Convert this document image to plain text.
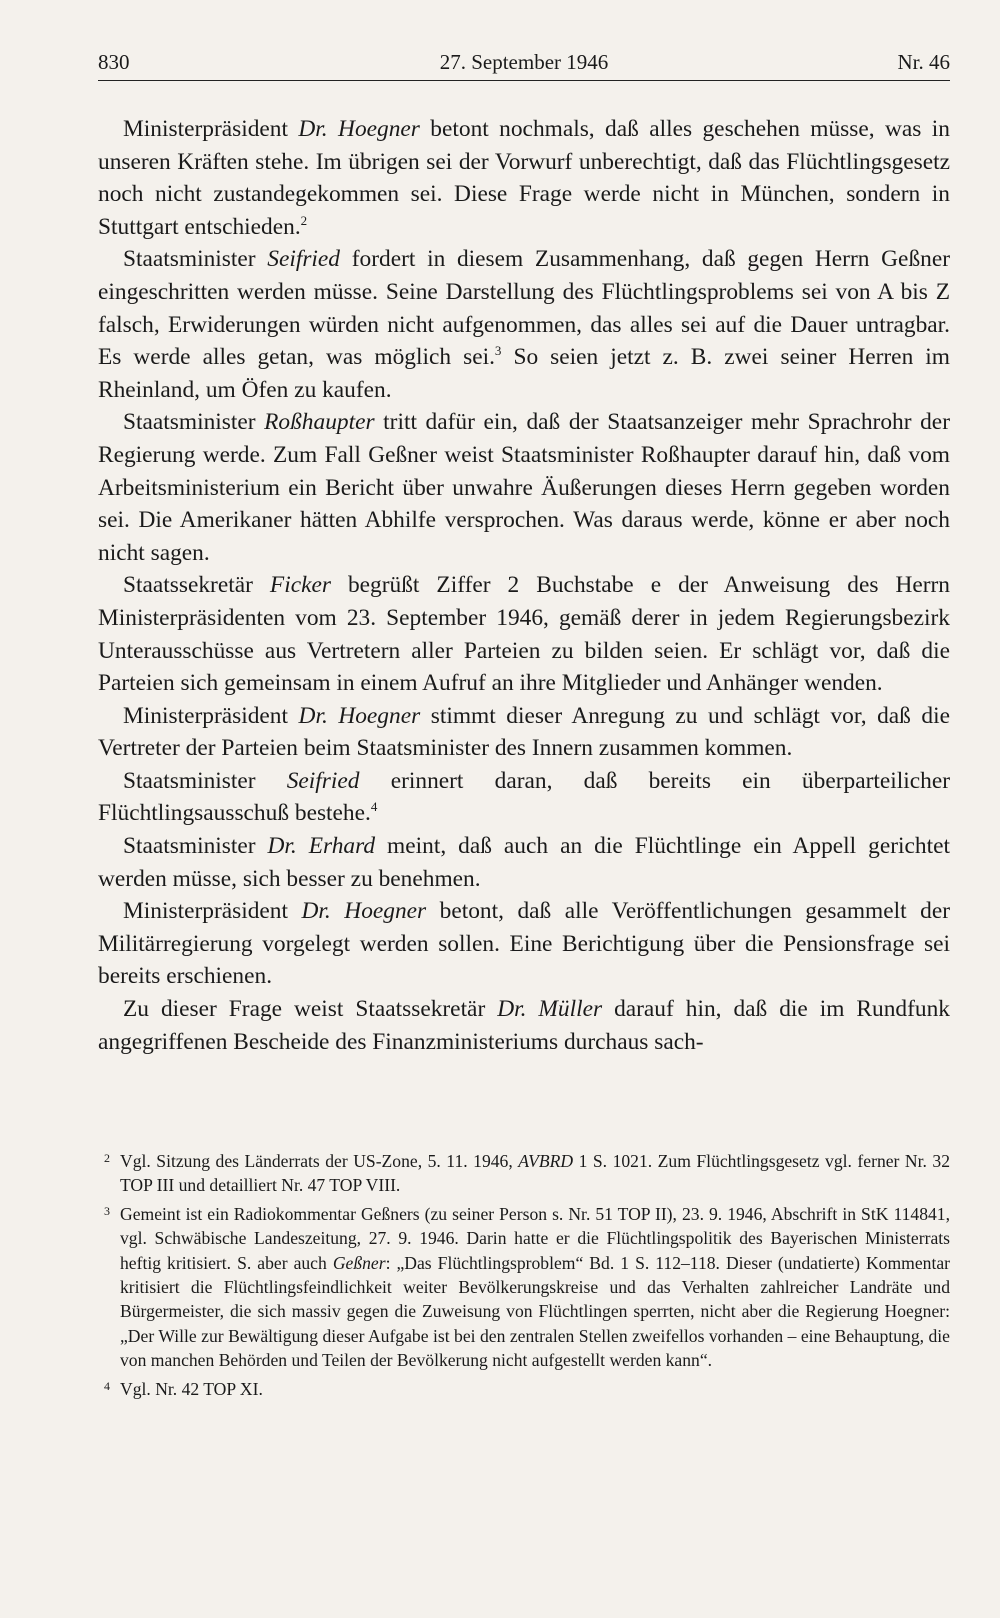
830	27. September 1946	Nr. 46

Ministerpräsident Dr. Hoegner betont nochmals, daß alles geschehen müsse, was in unseren Kräften stehe. Im übrigen sei der Vorwurf unberechtigt, daß das Flüchtlingsgesetz noch nicht zustandegekommen sei. Diese Frage werde nicht in München, sondern in Stuttgart entschieden.$^2$

Staatsminister Seifried fordert in diesem Zusammenhang, daß gegen Herrn Geßner eingeschritten werden müsse. Seine Darstellung des Flüchtlingsproblems sei von A bis Z falsch, Erwiderungen würden nicht aufgenommen, das alles sei auf die Dauer untragbar. Es werde alles getan, was möglich sei.$^3$ So seien jetzt z. B. zwei seiner Herren im Rheinland, um Öfen zu kaufen.

Staatsminister Roßhaupter tritt dafür ein, daß der Staatsanzeiger mehr Sprachrohr der Regierung werde. Zum Fall Geßner weist Staatsminister Roßhaupter darauf hin, daß vom Arbeitsministerium ein Bericht über unwahre Äußerungen dieses Herrn gegeben worden sei. Die Amerikaner hätten Abhilfe versprochen. Was daraus werde, könne er aber noch nicht sagen.

Staatssekretär Ficker begrüßt Ziffer 2 Buchstabe e der Anweisung des Herrn Ministerpräsidenten vom 23. September 1946, gemäß derer in jedem Regierungsbezirk Unterausschüsse aus Vertretern aller Parteien zu bilden seien. Er schlägt vor, daß die Parteien sich gemeinsam in einem Aufruf an ihre Mitglieder und Anhänger wenden.

Ministerpräsident Dr. Hoegner stimmt dieser Anregung zu und schlägt vor, daß die Vertreter der Parteien beim Staatsminister des Innern zusammen kommen.

Staatsminister Seifried erinnert daran, daß bereits ein überparteilicher Flüchtlingsausschuß bestehe.$^4$

Staatsminister Dr. Erhard meint, daß auch an die Flüchtlinge ein Appell gerichtet werden müsse, sich besser zu benehmen.

Ministerpräsident Dr. Hoegner betont, daß alle Veröffentlichungen gesammelt der Militärregierung vorgelegt werden sollen. Eine Berichtigung über die Pensionsfrage sei bereits erschienen.

Zu dieser Frage weist Staatssekretär Dr. Müller darauf hin, daß die im Rundfunk angegriffenen Bescheide des Finanzministeriums durchaus sach-

2 Vgl. Sitzung des Länderrats der US-Zone, 5. 11. 1946, AVBRD 1 S. 1021. Zum Flüchtlingsgesetz vgl. ferner Nr. 32 TOP III und detailliert Nr. 47 TOP VIII.
3 Gemeint ist ein Radiokommentar Geßners (zu seiner Person s. Nr. 51 TOP II), 23. 9. 1946, Abschrift in StK 114841, vgl. Schwäbische Landeszeitung, 27. 9. 1946. Darin hatte er die Flüchtlingspolitik des Bayerischen Ministerrats heftig kritisiert. S. aber auch Geßner: „Das Flüchtlingsproblem“ Bd. 1 S. 112–118. Dieser (undatierte) Kommentar kritisiert die Flüchtlingsfeindlichkeit weiter Bevölkerungskreise und das Verhalten zahlreicher Landräte und Bürgermeister, die sich massiv gegen die Zuweisung von Flüchtlingen sperrten, nicht aber die Regierung Hoegner: „Der Wille zur Bewältigung dieser Aufgabe ist bei den zentralen Stellen zweifellos vorhanden – eine Behauptung, die von manchen Behörden und Teilen der Bevölkerung nicht aufgestellt werden kann“.
4 Vgl. Nr. 42 TOP XI.
